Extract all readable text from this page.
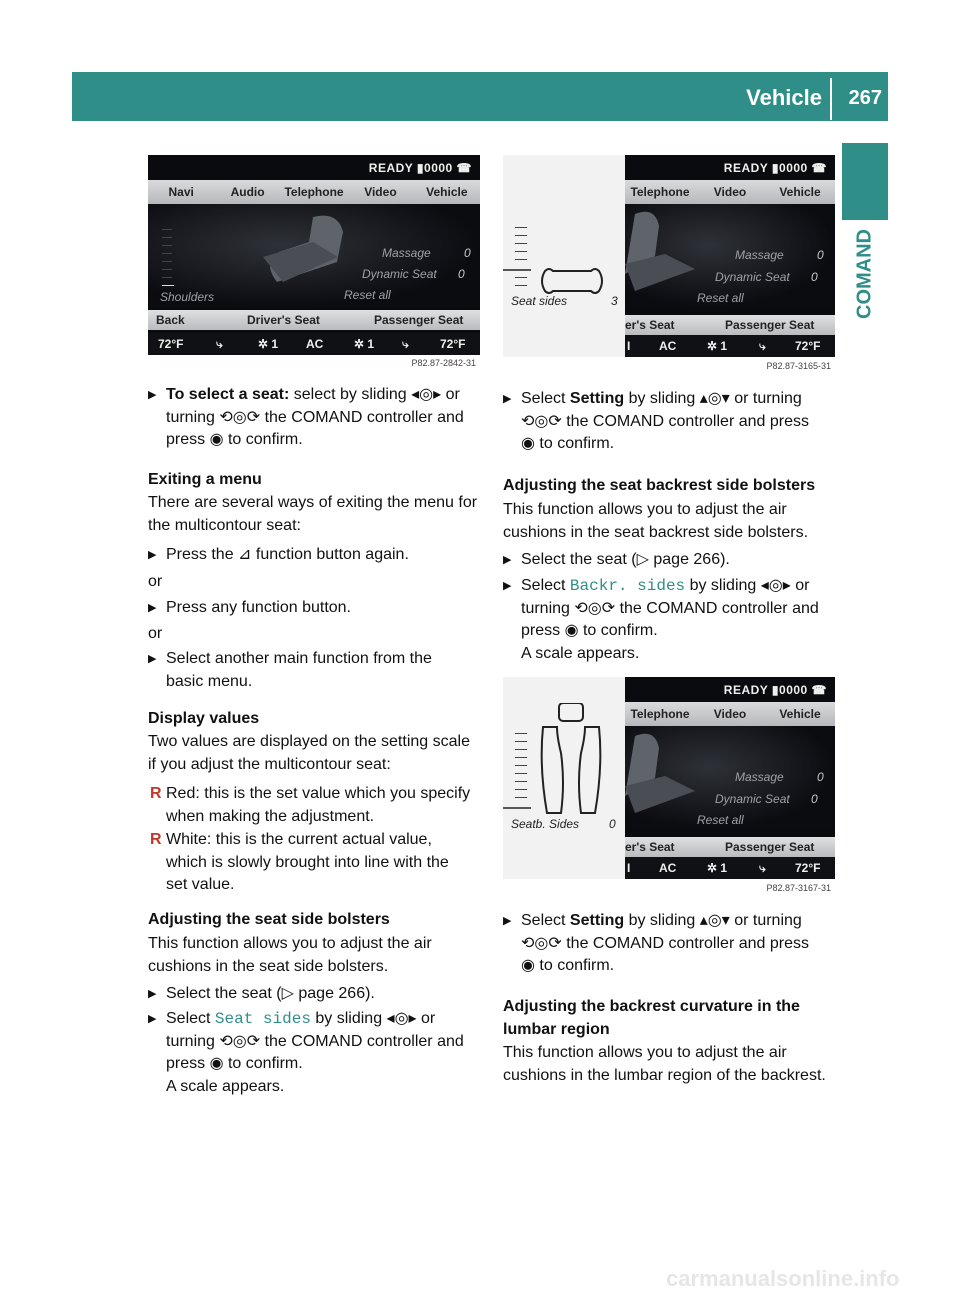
Vehicle 267
COMAND
READY ▮0000 ☎
Navi	Audio	Telephone	Video	Vehicle
Shoulders
Massage	0
Dynamic Seat 0
Reset all
Back	Driver's Seat	Passenger Seat
72°F	⤷	✲ 1 AC	✲ 1 ⤷	72°F
P82.87-2842-31
Seat sides	3
READY ▮0000 ☎
Telephone	Video	Vehicle
Massage	0
Dynamic Seat 0
Reset all
er's Seat	Passenger Seat
I AC	✲ 1	⤷ 72°F
P82.87-3165-31
Seatb. Sides 0
READY ▮0000 ☎
Telephone	Video	Vehicle
Massage	0
Dynamic Seat 0
Reset all
er's Seat	Passenger Seat
I AC	✲ 1	⤷ 72°F
P82.87-3167-31
▶ To select a seat: select by sliding ◂◎▸ or
turning ⟲◎⟳ the COMAND controller and
press ◉ to confirm.
Exiting a menu
There are several ways of exiting the menu for
the multicontour seat:
▶ Press the ⊿ function button again.
or
▶ Press any function button.
or
▶ Select another main function from the
basic menu.
Display values
Two values are displayed on the setting scale
if you adjust the multicontour seat:
R Red: this is the set value which you specify
when making the adjustment.
R White: this is the current actual value,
which is slowly brought into line with the
set value.
Adjusting the seat side bolsters
This function allows you to adjust the air
cushions in the seat side bolsters.
▶ Select the seat (▷ page 266).
▶ Select Seat sides by sliding ◂◎▸ or
turning ⟲◎⟳ the COMAND controller and
press ◉ to confirm.
A scale appears.
▶ Select Setting by sliding ▴◎▾ or turning
⟲◎⟳ the COMAND controller and press
◉ to confirm.
Adjusting the seat backrest side bolsters
This function allows you to adjust the air
cushions in the seat backrest side bolsters.
▶ Select the seat (▷ page 266).
▶ Select Backr. sides by sliding ◂◎▸ or
turning ⟲◎⟳ the COMAND controller and
press ◉ to confirm.
A scale appears.
▶ Select Setting by sliding ▴◎▾ or turning
⟲◎⟳ the COMAND controller and press
◉ to confirm.
Adjusting the backrest curvature in the
lumbar region
This function allows you to adjust the air
cushions in the lumbar region of the backrest.
carmanualsonline.info
